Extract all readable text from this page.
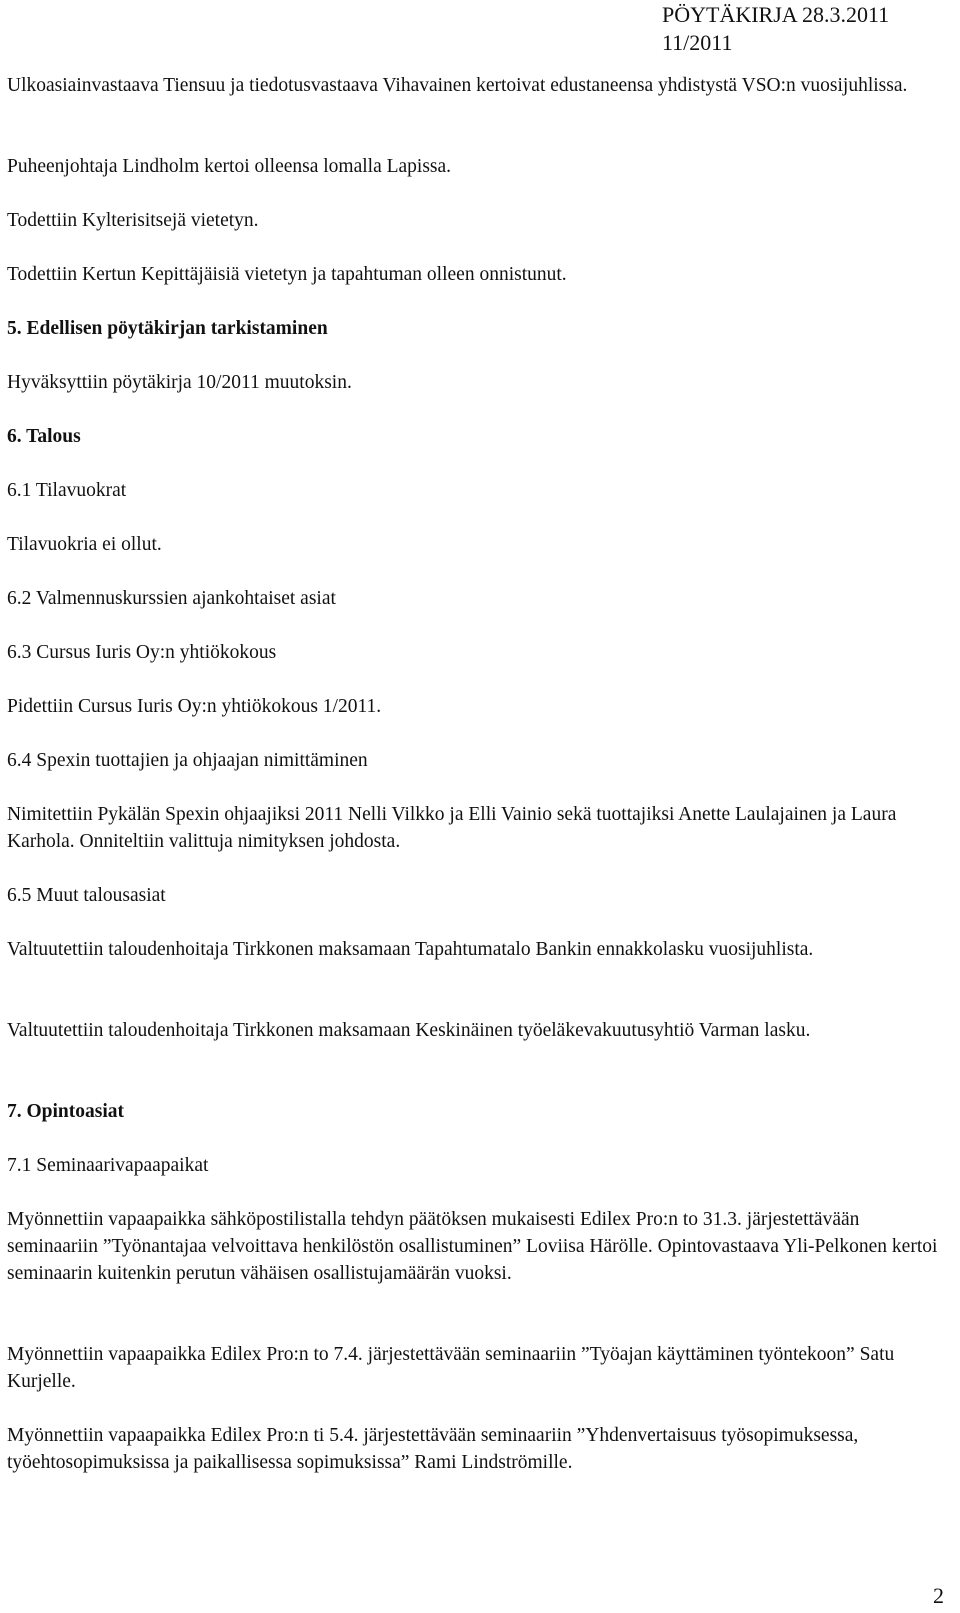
PÖYTÄKIRJA 28.3.2011
11/2011

Ulkoasiainvastaava Tiensuu ja tiedotusvastaava Vihavainen kertoivat edustaneensa yhdistystä VSO:n vuosijuhlissa.

Puheenjohtaja Lindholm kertoi olleensa lomalla Lapissa.

Todettiin Kylterisitsejä vietetyn.

Todettiin Kertun Kepittäjäisiä vietetyn ja tapahtuman olleen onnistunut.

5. Edellisen pöytäkirjan tarkistaminen

Hyväksyttiin pöytäkirja 10/2011 muutoksin.

6. Talous

6.1 Tilavuokrat

Tilavuokria ei ollut.

6.2 Valmennuskurssien ajankohtaiset asiat

6.3 Cursus Iuris Oy:n yhtiökokous

Pidettiin Cursus Iuris Oy:n yhtiökokous 1/2011.

6.4 Spexin tuottajien ja ohjaajan nimittäminen

Nimitettiin Pykälän Spexin ohjaajiksi 2011 Nelli Vilkko ja Elli Vainio sekä tuottajiksi Anette Laulajainen ja Laura Karhola. Onniteltiin valittuja nimityksen johdosta.

6.5 Muut talousasiat

Valtuutettiin taloudenhoitaja Tirkkonen maksamaan Tapahtumatalo Bankin ennakkolasku vuosijuhlista.

Valtuutettiin taloudenhoitaja Tirkkonen maksamaan Keskinäinen työeläkevakuutusyhtiö Varman lasku.

7. Opintoasiat

7.1 Seminaarivapaapaikat

Myönnettiin vapaapaikka sähköpostilistalla tehdyn päätöksen mukaisesti Edilex Pro:n to 31.3. järjestettävään seminaariin ”Työnantajaa velvoittava henkilöstön osallistuminen” Loviisa Härölle. Opintovastaava Yli-Pelkonen kertoi seminaarin kuitenkin perutun vähäisen osallistujamäärän vuoksi.

Myönnettiin vapaapaikka Edilex Pro:n to 7.4. järjestettävään seminaariin ”Työajan käyttäminen työntekoon” Satu Kurjelle.

Myönnettiin vapaapaikka Edilex Pro:n ti 5.4. järjestettävään seminaariin ”Yhdenvertaisuus työsopimuksessa, työehtosopimuksissa ja paikallisessa sopimuksissa” Rami Lindströmille.

2
